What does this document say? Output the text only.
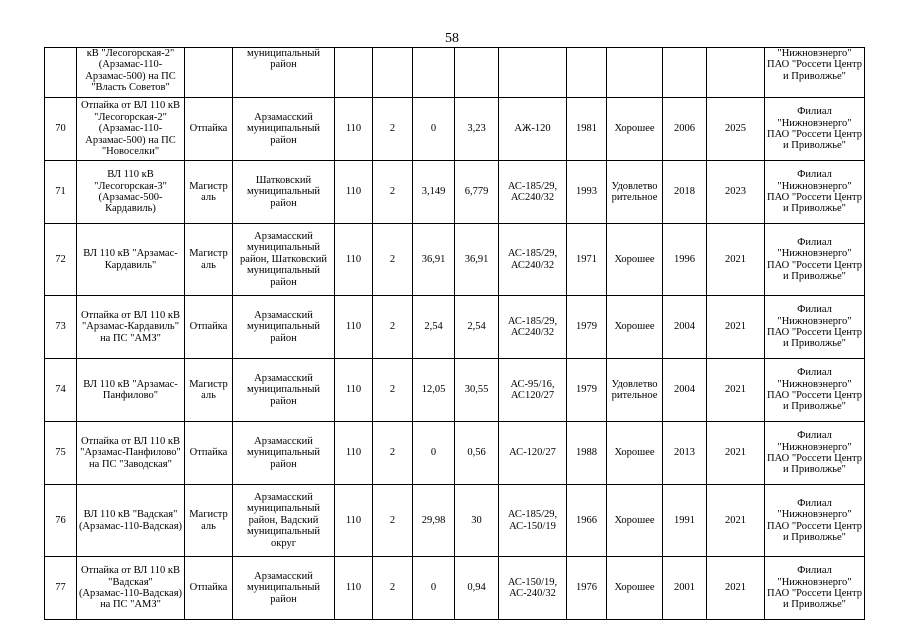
58
	кВ "Лесогорская-2" (Арзамас-110-Арзамас-500) на ПС "Власть Советов"		муниципальный район										"Нижновэнерго" ПАО "Россети Центр и Приволжье"
70	Отпайка от ВЛ 110 кВ "Лесогорская-2" (Арзамас-110-Арзамас-500) на ПС "Новоселки"	Отпайка	Арзамасский муниципальный район	110	2	0	3,23	АЖ-120	1981	Хорошее	2006	2025	Филиал "Нижновэнерго" ПАО "Россети Центр и Приволжье"
71	ВЛ 110 кВ "Лесогорская-3" (Арзамас-500-Кардавиль)	Магистр аль	Шатковский муниципальный район	110	2	3,149	6,779	АС-185/29, АС240/32	1993	Удовлетво рительное	2018	2023	Филиал "Нижновэнерго" ПАО "Россети Центр и Приволжье"
72	ВЛ 110 кВ "Арзамас-Кардавиль"	Магистр аль	Арзамасский муниципальный район, Шатковский муниципальный район	110	2	36,91	36,91	АС-185/29, АС240/32	1971	Хорошее	1996	2021	Филиал "Нижновэнерго" ПАО "Россети Центр и Приволжье"
73	Отпайка от ВЛ 110 кВ "Арзамас-Кардавиль" на ПС "АМЗ"	Отпайка	Арзамасский муниципальный район	110	2	2,54	2,54	АС-185/29, АС240/32	1979	Хорошее	2004	2021	Филиал "Нижновэнерго" ПАО "Россети Центр и Приволжье"
74	ВЛ 110 кВ "Арзамас-Панфилово"	Магистр аль	Арзамасский муниципальный район	110	2	12,05	30,55	АС-95/16, АС120/27	1979	Удовлетво рительное	2004	2021	Филиал "Нижновэнерго" ПАО "Россети Центр и Приволжье"
75	Отпайка от ВЛ 110 кВ "Арзамас-Панфилово" на ПС "Заводская"	Отпайка	Арзамасский муниципальный район	110	2	0	0,56	АС-120/27	1988	Хорошее	2013	2021	Филиал "Нижновэнерго" ПАО "Россети Центр и Приволжье"
76	ВЛ 110 кВ "Вадская" (Арзамас-110-Вадская)	Магистр аль	Арзамасский муниципальный район, Вадский муниципальный округ	110	2	29,98	30	АС-185/29, АС-150/19	1966	Хорошее	1991	2021	Филиал "Нижновэнерго" ПАО "Россети Центр и Приволжье"
77	Отпайка от ВЛ 110 кВ "Вадская" (Арзамас-110-Вадская) на ПС "АМЗ"	Отпайка	Арзамасский муниципальный район	110	2	0	0,94	АС-150/19, АС-240/32	1976	Хорошее	2001	2021	Филиал "Нижновэнерго" ПАО "Россети Центр и Приволжье"
